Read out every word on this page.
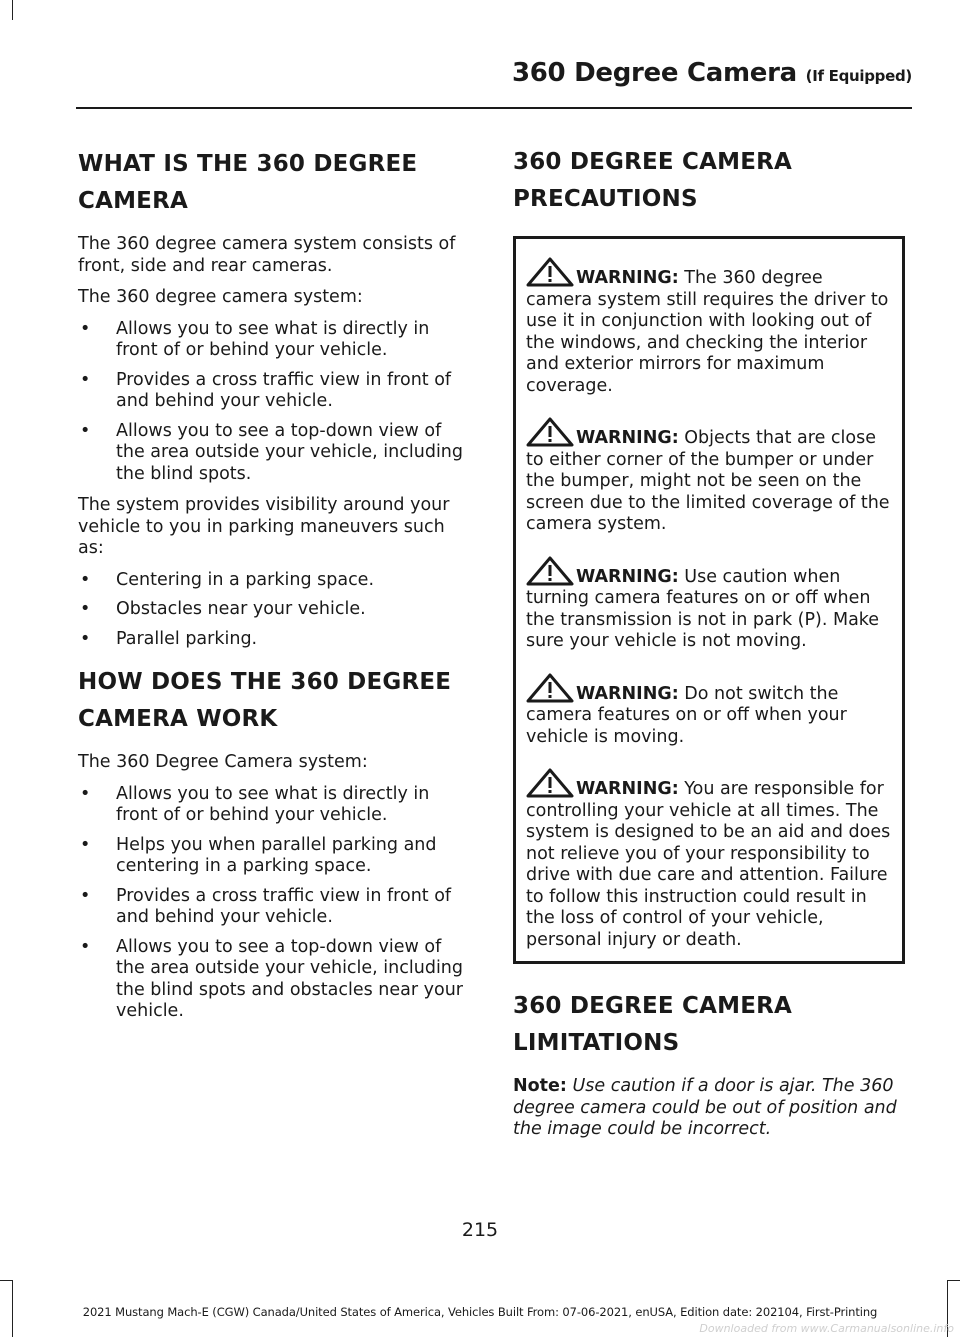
360 Degree Camera (If Equipped)
WHAT IS THE 360 DEGREE CAMERA

The 360 degree camera system consists of front, side and rear cameras.

The 360 degree camera system:

• Allows you to see what is directly in front of or behind your vehicle.
• Provides a cross traffic view in front of and behind your vehicle.
• Allows you to see a top-down view of the area outside your vehicle, including the blind spots.

The system provides visibility around your vehicle to you in parking maneuvers such as:

• Centering in a parking space.
• Obstacles near your vehicle.
• Parallel parking.
HOW DOES THE 360 DEGREE CAMERA WORK

The 360 Degree Camera system:

• Allows you to see what is directly in front of or behind your vehicle.
• Helps you when parallel parking and centering in a parking space.
• Provides a cross traffic view in front of and behind your vehicle.
• Allows you to see a top-down view of the area outside your vehicle, including the blind spots and obstacles near your vehicle.
360 DEGREE CAMERA PRECAUTIONS

WARNING: The 360 degree camera system still requires the driver to use it in conjunction with looking out of the windows, and checking the interior and exterior mirrors for maximum coverage.

WARNING: Objects that are close to either corner of the bumper or under the bumper, might not be seen on the screen due to the limited coverage of the camera system.

WARNING: Use caution when turning camera features on or off when the transmission is not in park (P). Make sure your vehicle is not moving.

WARNING: Do not switch the camera features on or off when your vehicle is moving.

WARNING: You are responsible for controlling your vehicle at all times. The system is designed to be an aid and does not relieve you of your responsibility to drive with due care and attention. Failure to follow this instruction could result in the loss of control of your vehicle, personal injury or death.

360 DEGREE CAMERA LIMITATIONS

Note: Use caution if a door is ajar. The 360 degree camera could be out of position and the image could be incorrect.

215
2021 Mustang Mach-E (CGW) Canada/United States of America, Vehicles Built From: 07-06-2021, enUSA, Edition date: 202104, First-Printing
Downloaded from www.Carmanualsonline.info
